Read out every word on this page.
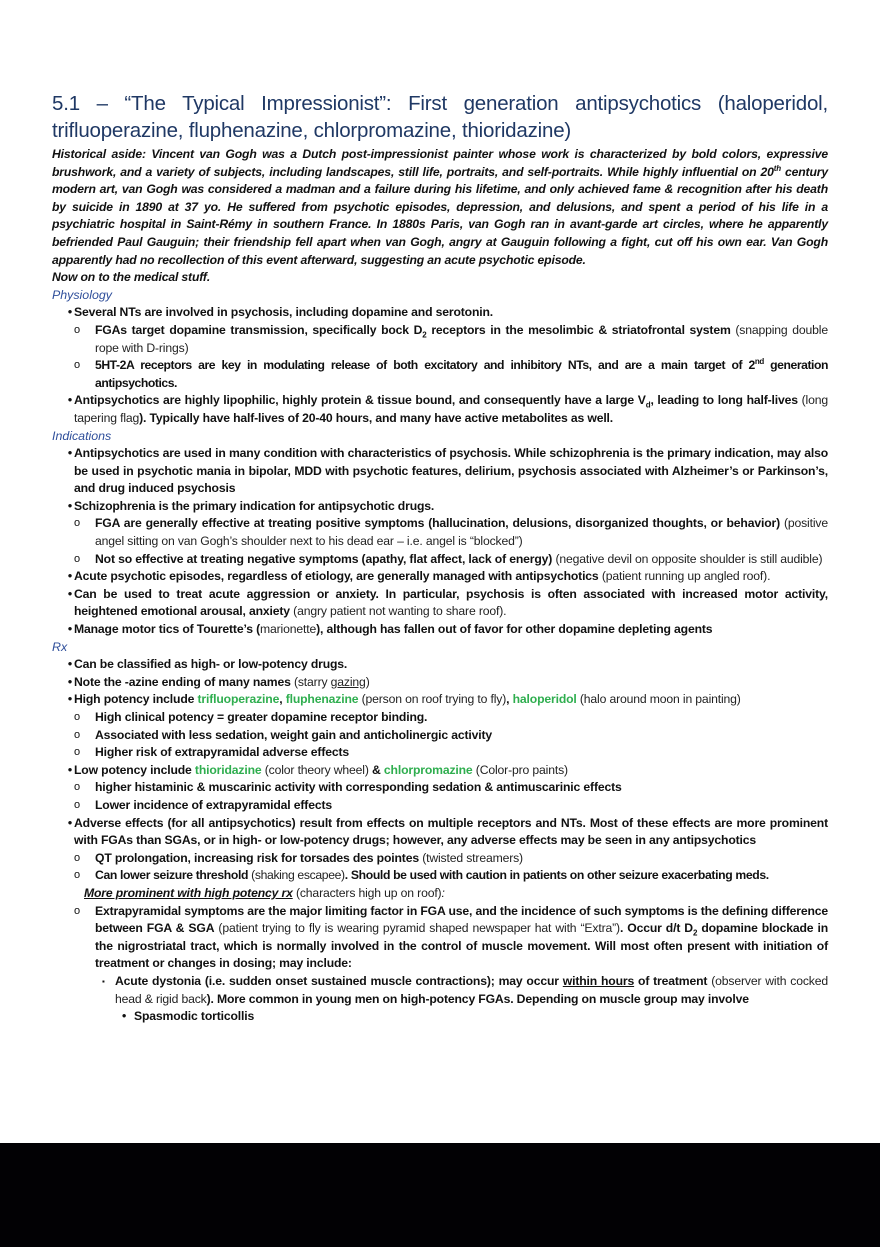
5.1 – “The Typical Impressionist”: First generation antipsychotics (haloperidol, trifluoperazine, fluphenazine, chlorpromazine, thioridazine)

Historical aside: Vincent van Gogh was a Dutch post-impressionist painter whose work is characterized by bold colors, expressive brushwork, and a variety of subjects, including landscapes, still life, portraits, and self-portraits. While highly influential on 20th century modern art, van Gogh was considered a madman and a failure during his lifetime, and only achieved fame & recognition after his death by suicide in 1890 at 37 yo. He suffered from psychotic episodes, depression, and delusions, and spent a period of his life in a psychiatric hospital in Saint-Rémy in southern France. In 1880s Paris, van Gogh ran in avant-garde art circles, where he apparently befriended Paul Gauguin; their friendship fell apart when van Gogh, angry at Gauguin following a fight, cut off his own ear. Van Gogh apparently had no recollection of this event afterward, suggesting an acute psychotic episode.

Now on to the medical stuff.

Physiology
•
Several NTs are involved in psychosis, including dopamine and serotonin.
o
FGAs target dopamine transmission, specifically bock $D_2$ receptors in the mesolimbic & striatofrontal system (snapping double rope with D-rings)
o
5HT-2A receptors are key in modulating release of both excitatory and inhibitory NTs, and are a main target of 2nd generation antipsychotics.
•
Antipsychotics are highly lipophilic, highly protein & tissue bound, and consequently have a large $V_d$, leading to long half-lives (long tapering flag). Typically have half-lives of 20-40 hours, and many have active metabolites as well.
Indications
•
Antipsychotics are used in many condition with characteristics of psychosis. While schizophrenia is the primary indication, may also be used in psychotic mania in bipolar, MDD with psychotic features, delirium, psychosis associated with Alzheimer’s or Parkinson’s, and drug induced psychosis
•
Schizophrenia is the primary indication for antipsychotic drugs.
o
FGA are generally effective at treating positive symptoms (hallucination, delusions, disorganized thoughts, or behavior) (positive angel sitting on van Gogh’s shoulder next to his dead ear – i.e. angel is “blocked”)
o
Not so effective at treating negative symptoms (apathy, flat affect, lack of energy) (negative devil on opposite shoulder is still audible)
•
Acute psychotic episodes, regardless of etiology, are generally managed with antipsychotics (patient running up angled roof).
•
Can be used to treat acute aggression or anxiety. In particular, psychosis is often associated with increased motor activity, heightened emotional arousal, anxiety (angry patient not wanting to share roof).
•
Manage motor tics of Tourette’s (marionette), although has fallen out of favor for other dopamine depleting agents
Rx
•
Can be classified as high- or low-potency drugs.
•
Note the -azine ending of many names (starry gazing)
•
High potency include trifluoperazine, fluphenazine (person on roof trying to fly), haloperidol (halo around moon in painting)
o
High clinical potency = greater dopamine receptor binding.
o
Associated with less sedation, weight gain and anticholinergic activity
o
Higher risk of extrapyramidal adverse effects
•
Low potency include thioridazine (color theory wheel) & chlorpromazine (Color-pro paints)
o
higher histaminic & muscarinic activity with corresponding sedation & antimuscarinic effects
o
Lower incidence of extrapyramidal effects
•
Adverse effects (for all antipsychotics) result from effects on multiple receptors and NTs. Most of these effects are more prominent with FGAs than SGAs, or in high- or low-potency drugs; however, any adverse effects may be seen in any antipsychotics
o
QT prolongation, increasing risk for torsades des pointes (twisted streamers)
o
Can lower seizure threshold (shaking escapee). Should be used with caution in patients on other seizure exacerbating meds.
More prominent with high potency rx (characters high up on roof):
o
Extrapyramidal symptoms are the major limiting factor in FGA use, and the incidence of such symptoms is the defining difference between FGA & SGA (patient trying to fly is wearing pyramid shaped newspaper hat with “Extra”). Occur d/t $D_2$ dopamine blockade in the nigrostriatal tract, which is normally involved in the control of muscle movement. Will most often present with initiation of treatment or changes in dosing; may include:
▪
Acute dystonia (i.e. sudden onset sustained muscle contractions); may occur within hours of treatment (observer with cocked head & rigid back). More common in young men on high-potency FGAs. Depending on muscle group may involve
•
Spasmodic torticollis
